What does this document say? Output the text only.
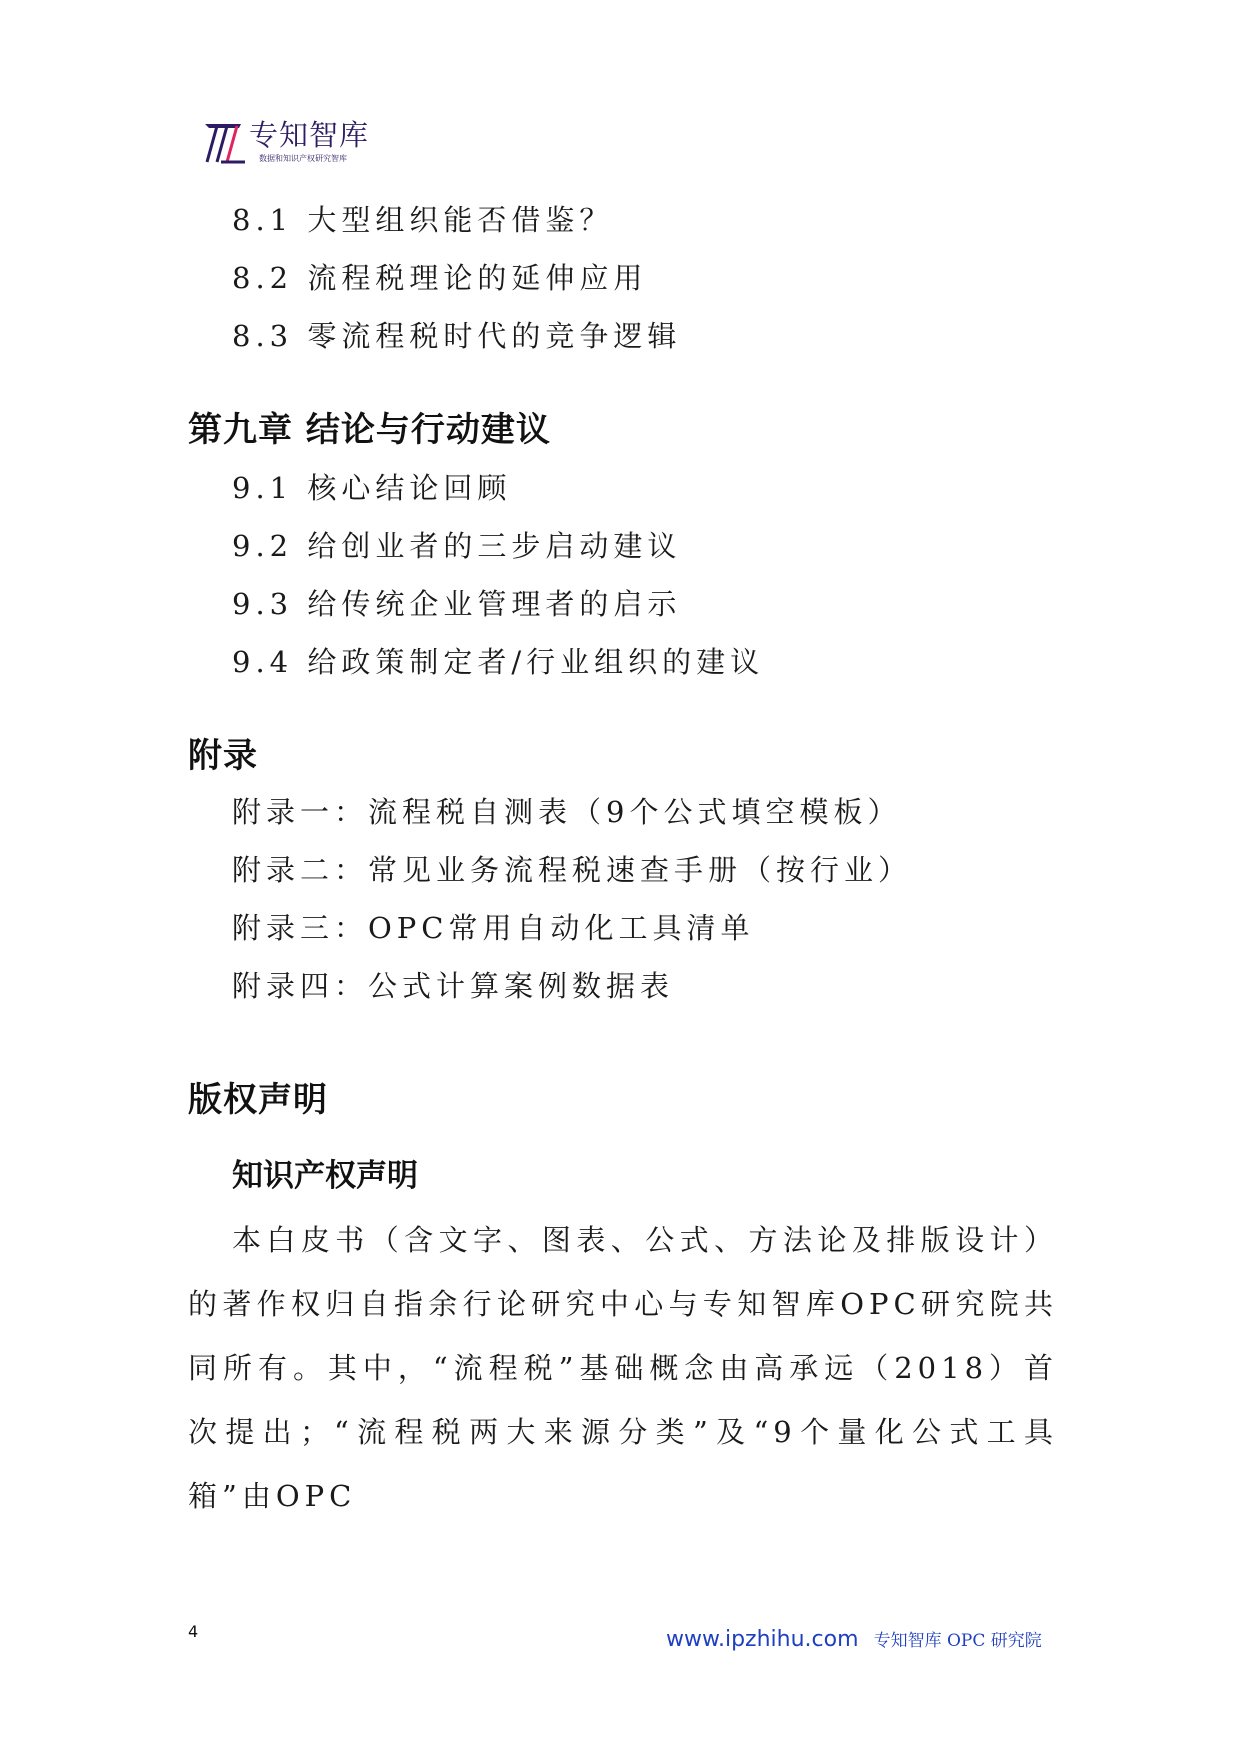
专知智库
数据和知识产权研究智库

8.1 大型组织能否借鉴？

8.2 流程税理论的延伸应用

8.3 零流程税时代的竞争逻辑

第九章 结论与行动建议

9.1 核心结论回顾

9.2 给创业者的三步启动建议

9.3 给传统企业管理者的启示

9.4 给政策制定者/行业组织的建议

附录

附录一：流程税自测表（9个公式填空模板）

附录二：常见业务流程税速查手册（按行业）

附录三：OPC常用自动化工具清单

附录四：公式计算案例数据表

版权声明
知识产权声明

本白皮书（含文字、图表、公式、方法论及排版设计）的著作权归自指余行论研究中心与专知智库OPC研究院共同所有。其中，“流程税”基础概念由高承远（2018）首次提出；“流程税两大来源分类”及“9个量化公式工具箱”由OPC

4	www.ipzhihu.com 专知智库 OPC 研究院
